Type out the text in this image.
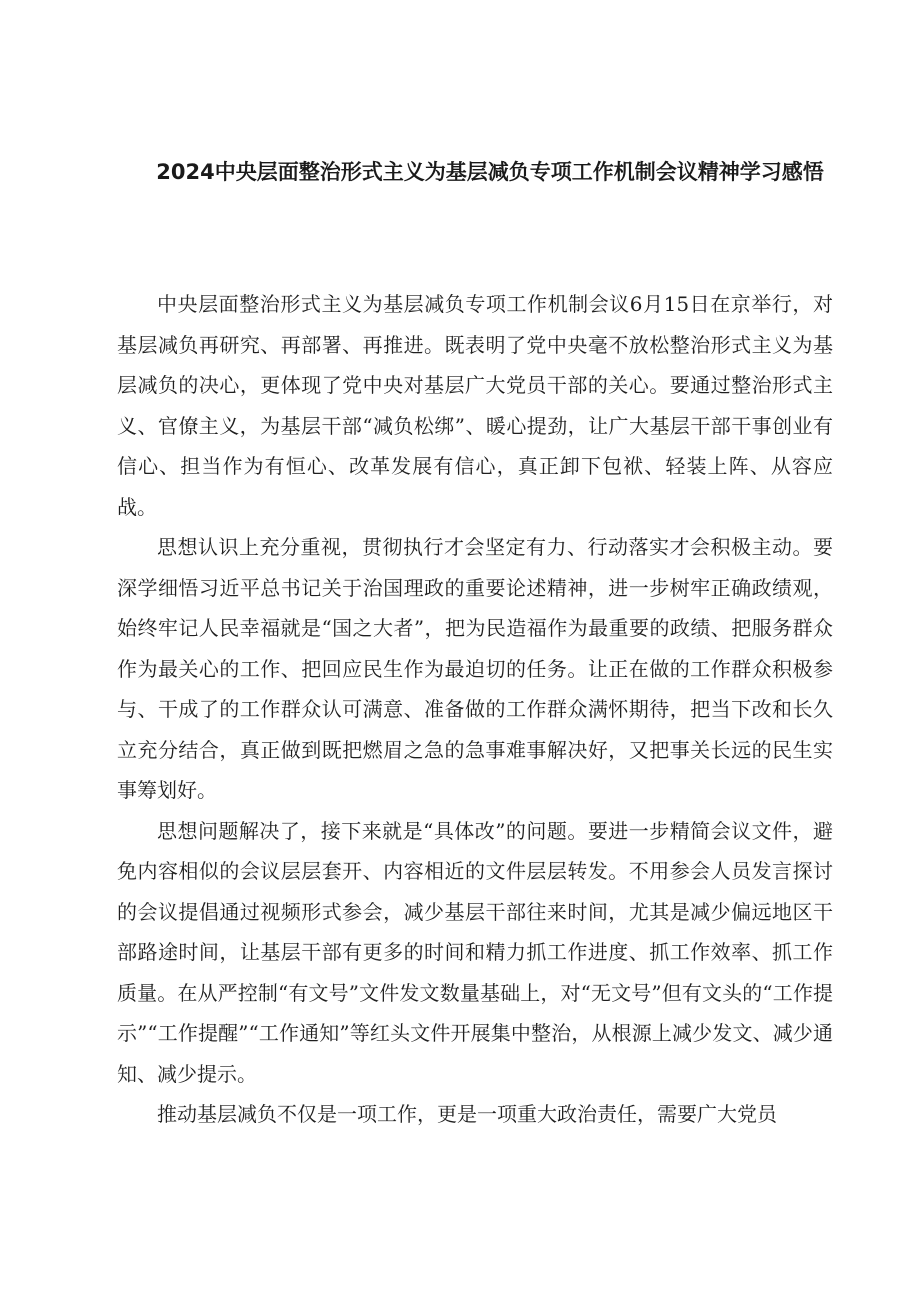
2024中央层面整治形式主义为基层减负专项工作机制会议精神学习感悟

中央层面整治形式主义为基层减负专项工作机制会议6月15日在京举行，对基层减负再研究、再部署、再推进。既表明了党中央毫不放松整治形式主义为基层减负的决心，更体现了党中央对基层广大党员干部的关心。要通过整治形式主义、官僚主义，为基层干部“减负松绑”、暖心提劲，让广大基层干部干事创业有信心、担当作为有恒心、改革发展有信心，真正卸下包袱、轻装上阵、从容应战。

思想认识上充分重视，贯彻执行才会坚定有力、行动落实才会积极主动。要深学细悟习近平总书记关于治国理政的重要论述精神，进一步树牢正确政绩观，始终牢记人民幸福就是“国之大者”，把为民造福作为最重要的政绩、把服务群众作为最关心的工作、把回应民生作为最迫切的任务。让正在做的工作群众积极参与、干成了的工作群众认可满意、准备做的工作群众满怀期待，把当下改和长久立充分结合，真正做到既把燃眉之急的急事难事解决好，又把事关长远的民生实事筹划好。

思想问题解决了，接下来就是“具体改”的问题。要进一步精简会议文件，避免内容相似的会议层层套开、内容相近的文件层层转发。不用参会人员发言探讨的会议提倡通过视频形式参会，减少基层干部往来时间，尤其是减少偏远地区干部路途时间，让基层干部有更多的时间和精力抓工作进度、抓工作效率、抓工作质量。在从严控制“有文号”文件发文数量基础上，对“无文号”但有文头的“工作提示”“工作提醒”“工作通知”等红头文件开展集中整治，从根源上减少发文、减少通知、减少提示。

推动基层减负不仅是一项工作，更是一项重大政治责任，需要广大党员
